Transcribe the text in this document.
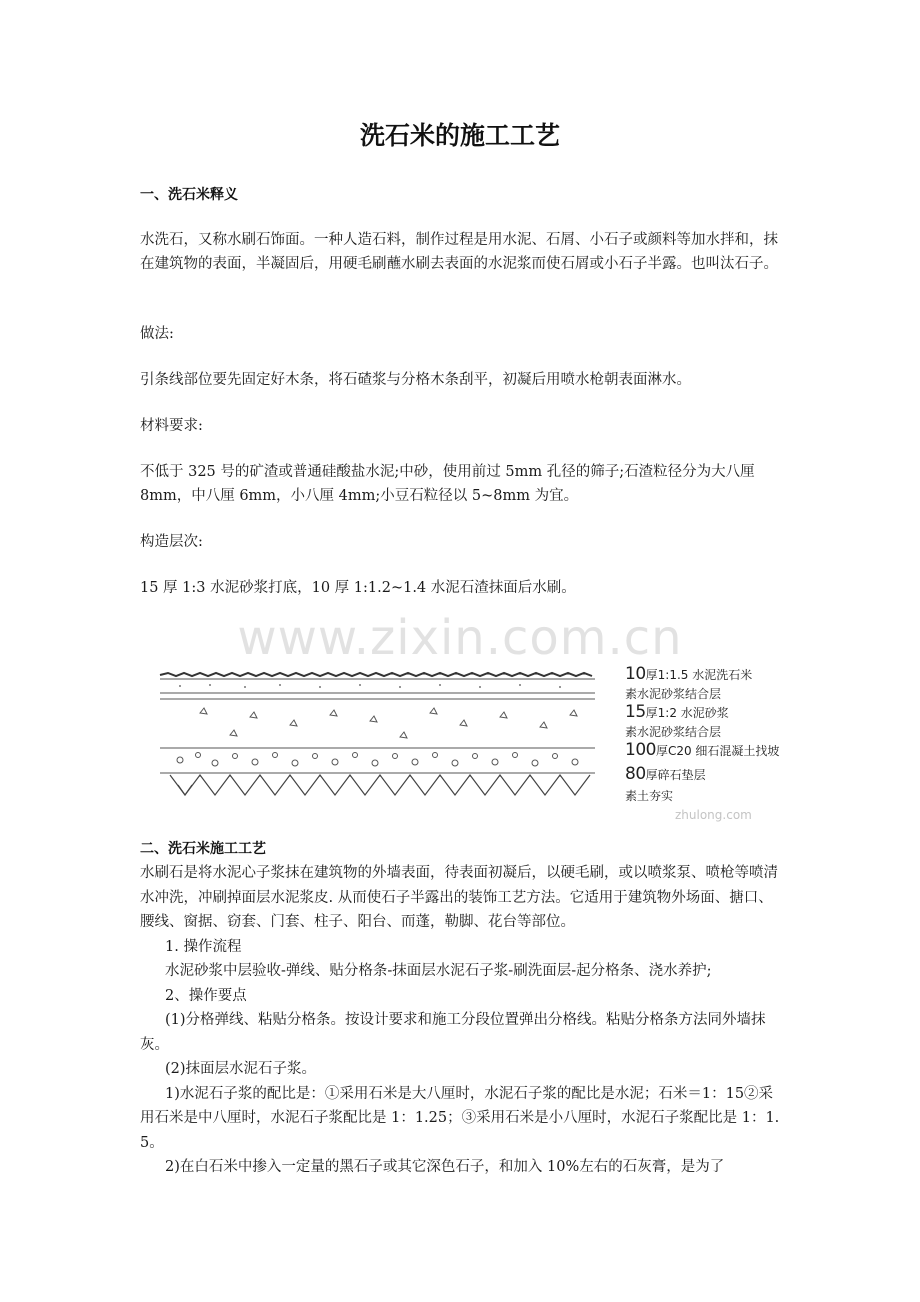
洗石米的施工工艺
一、洗石米释义

水洗石，又称水刷石饰面。一种人造石料，制作过程是用水泥、石屑、小石子或颜料等加水拌和，抹在建筑物的表面，半凝固后，用硬毛刷蘸水刷去表面的水泥浆而使石屑或小石子半露。也叫汰石子。

做法:

引条线部位要先固定好木条，将石碴浆与分格木条刮平，初凝后用喷水枪朝表面淋水。

材料要求:

不低于 325 号的矿渣或普通硅酸盐水泥;中砂，使用前过 5mm 孔径的筛子;石渣粒径分为大八厘 8mm，中八厘 6mm，小八厘 4mm;小豆石粒径以 5~8mm 为宜。

构造层次:

15 厚 1:3 水泥砂浆打底，10 厚 1:1.2~1.4 水泥石渣抹面后水刷。

www.zixin.com.cn
10厚1:1.5 水泥洗石米
素水泥砂浆结合层
15厚1:2 水泥砂浆
素水泥砂浆结合层
100厚C20 细石混凝土找坡
80厚碎石垫层
素土夯实
zhulong.com
二、洗石米施工工艺

水刷石是将水泥心子浆抹在建筑物的外墙表面，待表面初凝后，以硬毛刷，或以喷浆泵、喷枪等喷清水冲洗，冲刷掉面层水泥浆皮. 从而使石子半露出的装饰工艺方法。它适用于建筑物外场面、搪口、腰线、窗据、窃套、门套、柱子、阳台、而蓬，勒脚、花台等部位。

1. 操作流程

水泥砂浆中层验收-弹线、贴分格条-抹面层水泥石子浆-刷洗面层-起分格条、浇水养护;

2、操作要点

(1)分格弹线、粘贴分格条。按设计要求和施工分段位置弹出分格线。粘贴分格条方法同外墙抹灰。

(2)抹面层水泥石子浆。

1)水泥石子浆的配比是：①采用石米是大八厘时，水泥石子浆的配比是水泥；石米＝1：15②采用石米是中八厘时，水泥石子浆配比是 1：1.25；③采用石米是小八厘时，水泥石子浆配比是 1：1. 5。

2)在白石米中掺入一定量的黑石子或其它深色石子，和加入 10%左右的石灰膏，是为了
